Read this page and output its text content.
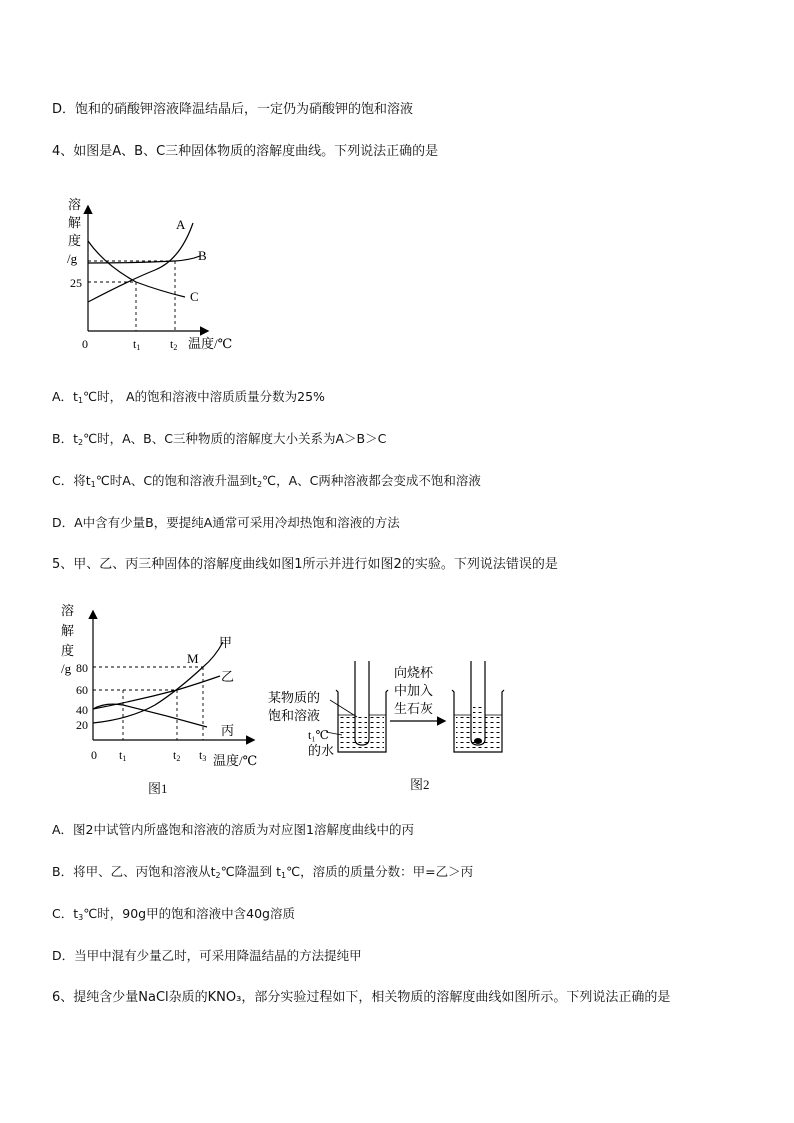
D．饱和的硝酸钾溶液降温结晶后，一定仍为硝酸钾的饱和溶液
4、如图是A、B、C三种固体物质的溶解度曲线。下列说法正确的是
溶
解
度
/g
25
0	t1 t2 温度/℃
A
B
C
A．$t_1℃$时， A的饱和溶液中溶质质量分数为25%
B．$t_2℃$时，A、B、C三种物质的溶解度大小关系为A＞B＞C
C．将$t_1℃$时A、C的饱和溶液升温到$t_2℃$，A、C两种溶液都会变成不饱和溶液
D．A中含有少量B，要提纯A通常可采用冷却热饱和溶液的方法
5、甲、乙、丙三种固体的溶解度曲线如图1所示并进行如图2的实验。下列说法错误的是
溶
解
度
/g 80
60
40
20
0 t1	t2 t3 温度/℃
甲
乙
丙
M
图1
某物质的
饱和溶液
t₁℃
的水
向烧杯
中加入
生石灰
图2
A．图2中试管内所盛饱和溶液的溶质为对应图1溶解度曲线中的丙
B．将甲、乙、丙饱和溶液从$t_2℃$降温到 $t_1℃$，溶质的质量分数：甲=乙＞丙
C．$t_3℃$时，90g甲的饱和溶液中含40g溶质
D．当甲中混有少量乙时，可采用降温结晶的方法提纯甲
6、提纯含少量NaCl杂质的KNO₃，部分实验过程如下，相关物质的溶解度曲线如图所示。下列说法正确的是
